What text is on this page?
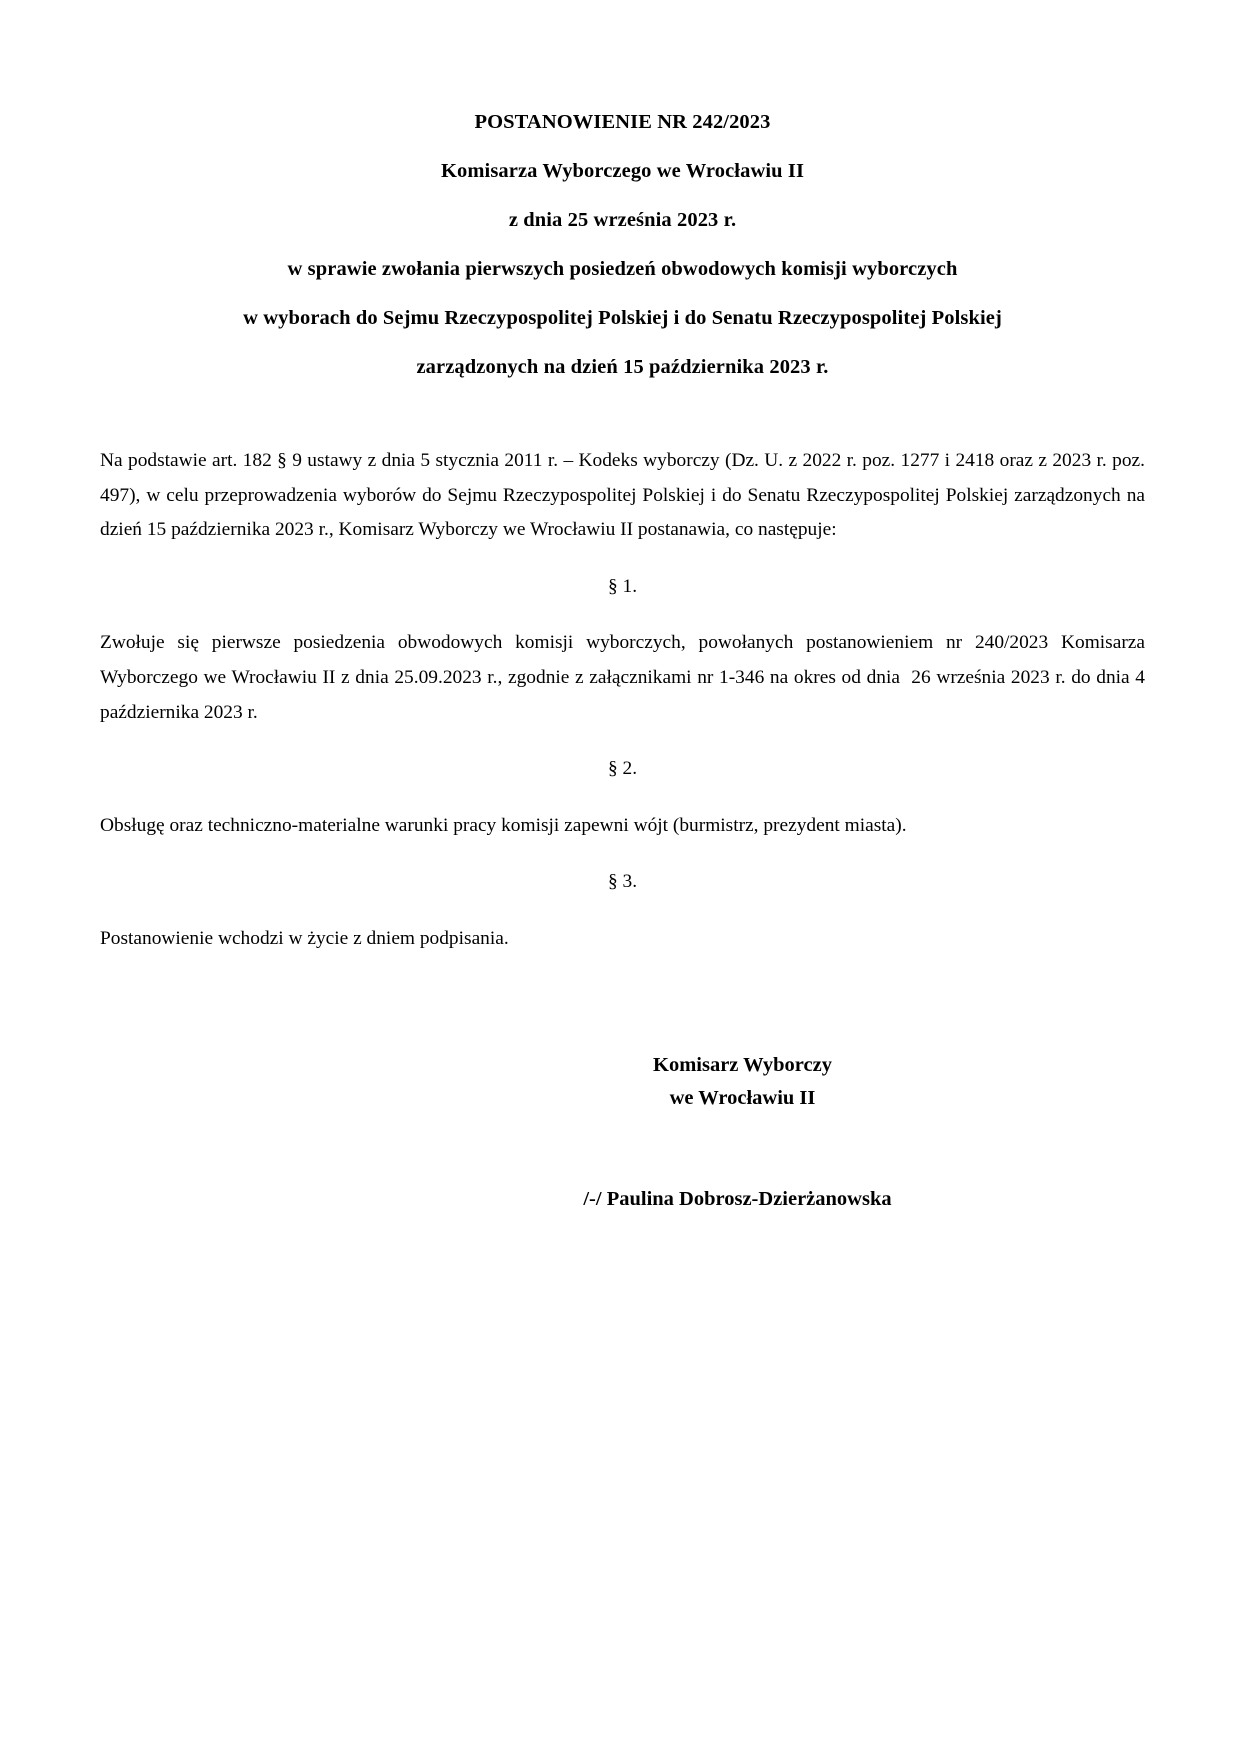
POSTANOWIENIE NR 242/2023
Komisarza Wyborczego we Wrocławiu II
z dnia 25 września 2023 r.
w sprawie zwołania pierwszych posiedzeń obwodowych komisji wyborczych
w wyborach do Sejmu Rzeczypospolitej Polskiej i do Senatu Rzeczypospolitej Polskiej
zarządzonych na dzień 15 października 2023 r.

Na podstawie art. 182 § 9 ustawy z dnia 5 stycznia 2011 r. – Kodeks wyborczy (Dz. U. z 2022 r. poz. 1277 i 2418 oraz z 2023 r. poz. 497), w celu przeprowadzenia wyborów do Sejmu Rzeczypospolitej Polskiej i do Senatu Rzeczypospolitej Polskiej zarządzonych na dzień 15 października 2023 r., Komisarz Wyborczy we Wrocławiu II postanawia, co następuje:

§ 1.

Zwołuje się pierwsze posiedzenia obwodowych komisji wyborczych, powołanych postanowieniem nr 240/2023 Komisarza Wyborczego we Wrocławiu II z dnia 25.09.2023 r., zgodnie z załącznikami nr 1-346 na okres od dnia  26 września 2023 r. do dnia 4 października 2023 r.

§ 2.

Obsługę oraz techniczno-materialne warunki pracy komisji zapewni wójt (burmistrz, prezydent miasta).

§ 3.

Postanowienie wchodzi w życie z dniem podpisania.

Komisarz Wyborczy
we Wrocławiu II
/-/ Paulina Dobrosz-Dzierżanowska
